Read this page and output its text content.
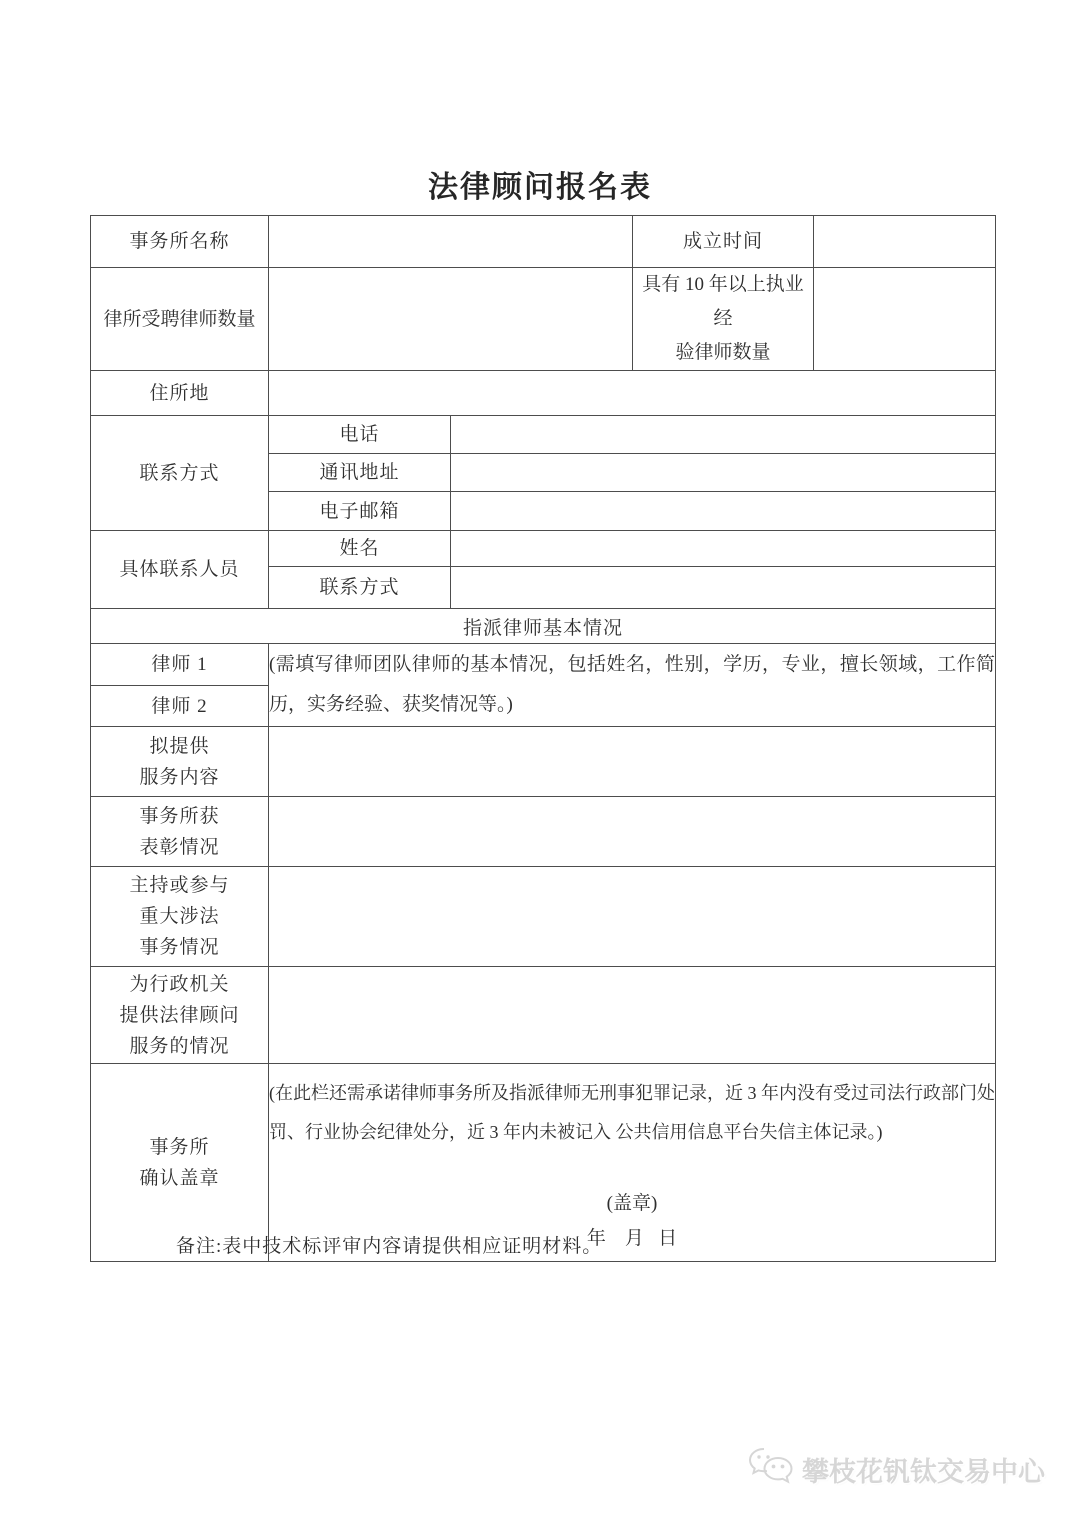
法律顾问报名表
事务所名称			成立时间	
律所受聘律师数量			具有 10 年以上执业经
验律师数量	

住所地				
联系方式	电话			
	通讯地址			
	电子邮箱			
具体联系人员	姓名			
	联系方式			
指派律师基本情况				
律师 1	(需填写律师团队律师的基本情况，包括姓名，性别，学历，专业，擅长领域，工作简历，实务经验、获奖情况等。)			
律师 2				

拟提供
服务内容				

事务所获
表彰情况				

主持或参与
重大涉法
事务情况				

为行政机关
提供法律顾问
服务的情况				

事务所
确认盖章

(在此栏还需承诺律师事务所及指派律师无刑事犯罪记录，近 3 年内没有受过司法行政部门处罚、行业协会纪律处分，近 3 年内未被记入 公共信用信息平台失信主体记录。)

(盖章)

年    月   日

备注:表中技术标评审内容请提供相应证明材料。
攀枝花钒钛交易中心
